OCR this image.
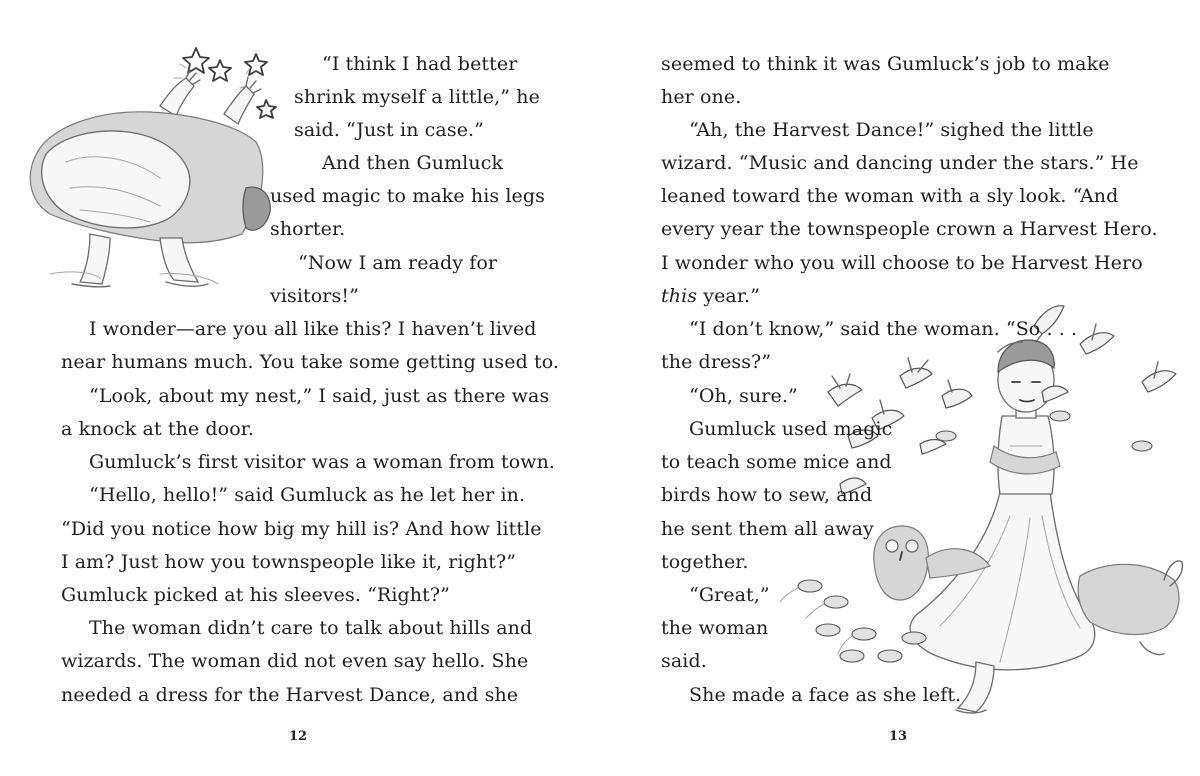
“I think I had better

shrink myself a little,” he

said. “Just in case.”

And then Gumluck

used magic to make his legs

shorter.

“Now I am ready for

visitors!”

I wonder—are you all like this? I haven’t lived

near humans much. You take some getting used to.

“Look, about my nest,” I said, just as there was

a knock at the door.

Gumluck’s first visitor was a woman from town.

“Hello, hello!” said Gumluck as he let her in.

“Did you notice how big my hill is? And how little

I am? Just how you townspeople like it, right?”

Gumluck picked at his sleeves. “Right?”

The woman didn’t care to talk about hills and

wizards. The woman did not even say hello. She

needed a dress for the Harvest Dance, and she

12

seemed to think it was Gumluck’s job to make

her one.

“Ah, the Harvest Dance!” sighed the little

wizard. “Music and dancing under the stars.” He

leaned toward the woman with a sly look. “And

every year the townspeople crown a Harvest Hero.

I wonder who you will choose to be Harvest Hero

this year.”

“I don’t know,” said the woman. “So . . .

the dress?”

“Oh, sure.”

Gumluck used magic

to teach some mice and

birds how to sew, and

he sent them all away

together.

“Great,”

the woman

said.

She made a face as she left.

13
